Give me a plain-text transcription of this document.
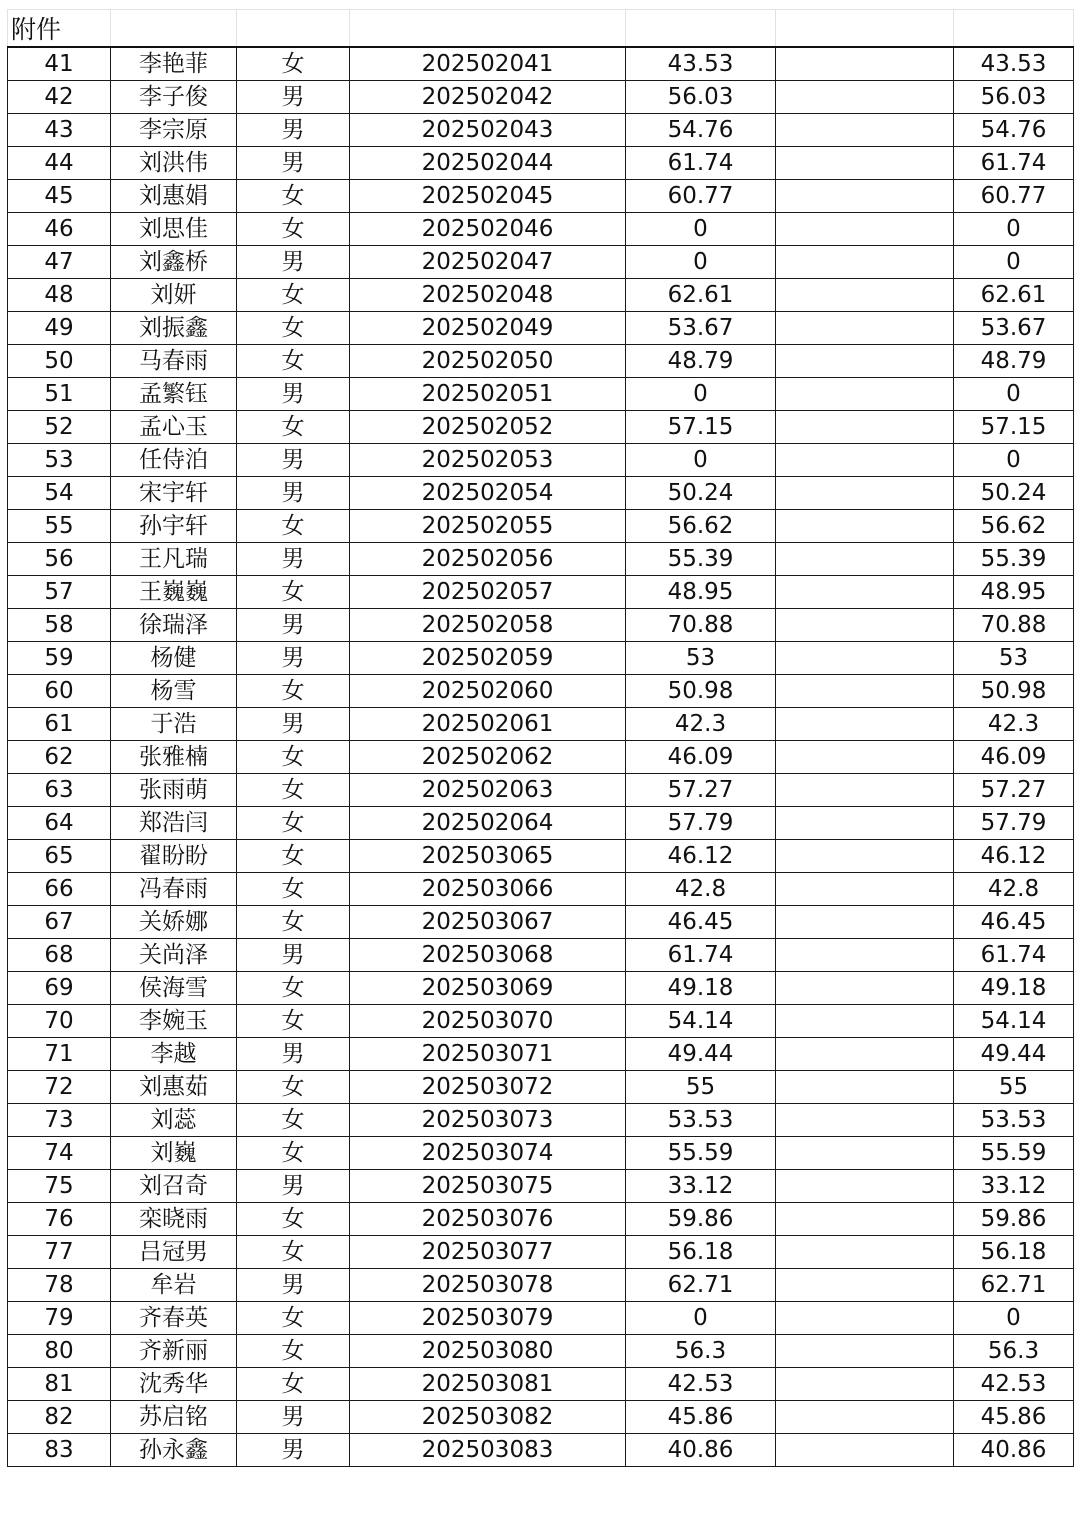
附件						
41	李艳菲	女	202502041	43.53		43.53
42	李子俊	男	202502042	56.03		56.03
43	李宗原	男	202502043	54.76		54.76
44	刘洪伟	男	202502044	61.74		61.74
45	刘惠娟	女	202502045	60.77		60.77
46	刘思佳	女	202502046	0		0
47	刘鑫桥	男	202502047	0		0
48	刘妍	女	202502048	62.61		62.61
49	刘振鑫	女	202502049	53.67		53.67
50	马春雨	女	202502050	48.79		48.79
51	孟繁钰	男	202502051	0		0
52	孟心玉	女	202502052	57.15		57.15
53	任侍泊	男	202502053	0		0
54	宋宇轩	男	202502054	50.24		50.24
55	孙宇轩	女	202502055	56.62		56.62
56	王凡瑞	男	202502056	55.39		55.39
57	王巍巍	女	202502057	48.95		48.95
58	徐瑞泽	男	202502058	70.88		70.88
59	杨健	男	202502059	53		53
60	杨雪	女	202502060	50.98		50.98
61	于浩	男	202502061	42.3		42.3
62	张雅楠	女	202502062	46.09		46.09
63	张雨萌	女	202502063	57.27		57.27
64	郑浩闫	女	202502064	57.79		57.79
65	翟盼盼	女	202503065	46.12		46.12
66	冯春雨	女	202503066	42.8		42.8
67	关娇娜	女	202503067	46.45		46.45
68	关尚泽	男	202503068	61.74		61.74
69	侯海雪	女	202503069	49.18		49.18
70	李婉玉	女	202503070	54.14		54.14
71	李越	男	202503071	49.44		49.44
72	刘惠茹	女	202503072	55		55
73	刘蕊	女	202503073	53.53		53.53
74	刘巍	女	202503074	55.59		55.59
75	刘召奇	男	202503075	33.12		33.12
76	栾晓雨	女	202503076	59.86		59.86
77	吕冠男	女	202503077	56.18		56.18
78	牟岩	男	202503078	62.71		62.71
79	齐春英	女	202503079	0		0
80	齐新丽	女	202503080	56.3		56.3
81	沈秀华	女	202503081	42.53		42.53
82	苏启铭	男	202503082	45.86		45.86
83	孙永鑫	男	202503083	40.86		40.86
